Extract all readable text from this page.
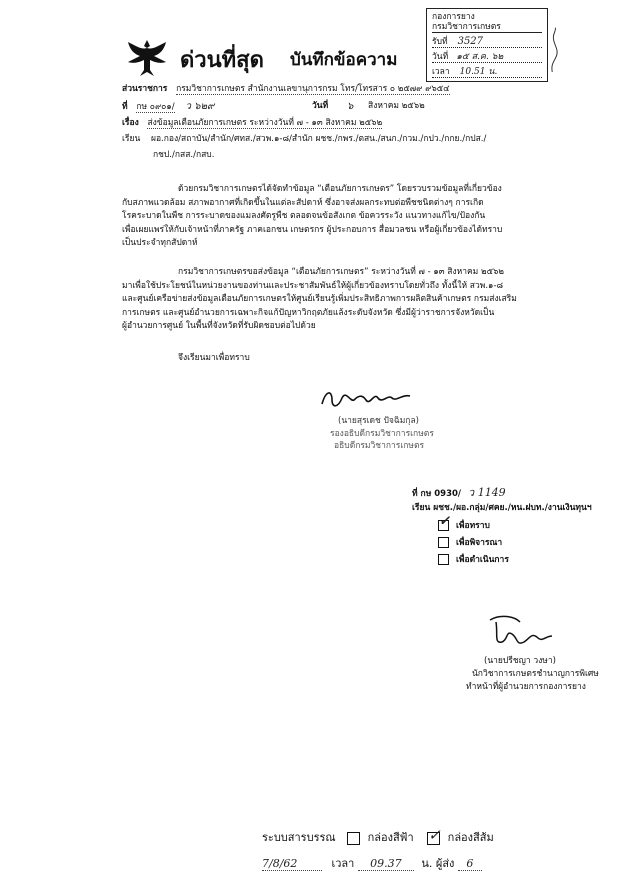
กองการยาง
กรมวิชาการเกษตร
รับที่ 3527
วันที่ ๑๕ ส.ค. ๖๒
เวลา 10.51 น.
ด่วนที่สุด บันทึกข้อความ
ส่วนราชการ กรมวิชาการเกษตร สำนักงานเลขานุการกรม โทร/โทรสาร ๐ ๒๕๗๙ ๙๖๕๔
ที่ กษ ๐๙๐๑/ ว ๖๒๙	วันที่ ๖ สิงหาคม ๒๕๖๒
เรื่อง ส่งข้อมูลเตือนภัยการเกษตร ระหว่างวันที่ ๗ - ๑๓ สิงหาคม ๒๕๖๒
เรียน ผอ.กอง/สถาบัน/สำนัก/ศทส./สวพ.๑-๘/สำนัก ผชช./กพร./ตสน./สนก./กวม./กปว./กกย./กปส./
กชป./กสส./กสบ.
ด้วยกรมวิชาการเกษตรได้จัดทำข้อมูล “เตือนภัยการเกษตร” โดยรวบรวมข้อมูลที่เกี่ยวข้อง
กับสภาพแวดล้อม สภาพอากาศที่เกิดขึ้นในแต่ละสัปดาห์ ซึ่งอาจส่งผลกระทบต่อพืชชนิดต่างๆ การเกิด
โรคระบาดในพืช การระบาดของแมลงศัตรูพืช ตลอดจนข้อสังเกต ข้อควรระวัง แนวทางแก้ไข/ป้องกัน
เพื่อเผยแพร่ให้กับเจ้าหน้าที่ภาครัฐ ภาคเอกชน เกษตรกร ผู้ประกอบการ สื่อมวลชน หรือผู้เกี่ยวข้องได้ทราบ
เป็นประจำทุกสัปดาห์
กรมวิชาการเกษตรขอส่งข้อมูล “เตือนภัยการเกษตร” ระหว่างวันที่ ๗ - ๑๓ สิงหาคม ๒๕๖๒
มาเพื่อใช้ประโยชน์ในหน่วยงานของท่านและประชาสัมพันธ์ให้ผู้เกี่ยวข้องทราบโดยทั่วถึง ทั้งนี้ให้ สวพ.๑-๘
และศูนย์เครือข่ายส่งข้อมูลเตือนภัยการเกษตรให้ศูนย์เรียนรู้เพิ่มประสิทธิภาพการผลิตสินค้าเกษตร กรมส่งเสริม
การเกษตร และศูนย์อำนวยการเฉพาะกิจแก้ปัญหาวิกฤตภัยแล้งระดับจังหวัด ซึ่งมีผู้ว่าราชการจังหวัดเป็น
ผู้อำนวยการศูนย์ ในพื้นที่จังหวัดที่รับผิดชอบต่อไปด้วย
จึงเรียนมาเพื่อทราบ
(นายสุรเดช ปัจฉิมกุล)
รองอธิบดีกรมวิชาการเกษตร
อธิบดีกรมวิชาการเกษตร
ที่ กษ 0930/ ว 1149
เรียน ผชช./ผอ.กลุ่ม/ศคย./หน.ฝบท./งานเงินทุนฯ
✓ เพื่อทราบ
เพื่อพิจารณา
เพื่อดำเนินการ
(นายปรีชญา วงษา)
นักวิชาการเกษตรชำนาญการพิเศษ
ทำหน้าที่ผู้อำนวยการกองการยาง
ระบบสารบรรณ	กล่องสีฟ้า ✓ กล่องสีส้ม
7/8/62	เวลา 09.37 น. ผู้ส่ง 6
